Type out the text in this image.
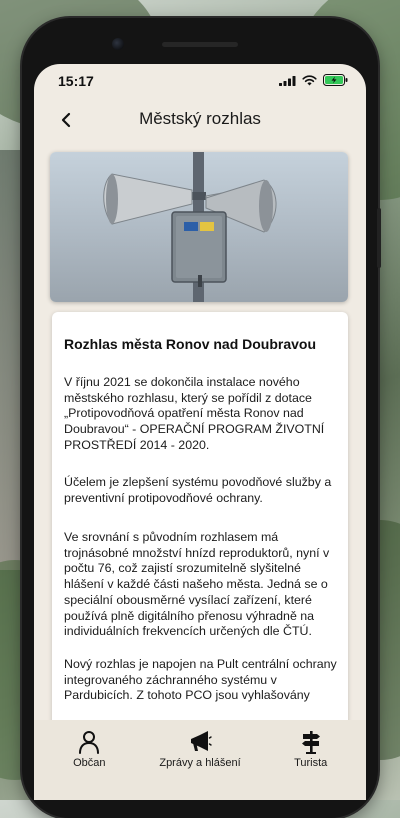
15:17
Městský rozhlas
Rozhlas města Ronov nad Doubravou

V říjnu 2021 se dokončila instalace nového městského rozhlasu, který se pořídil z dotace „Protipovodňová opatření města Ronov nad Doubravou“ - OPERAČNÍ PROGRAM ŽIVOTNÍ PROSTŘEDÍ 2014 - 2020.

Účelem je zlepšení systému povodňové služby a preventivní protipovodňové ochrany.

Ve srovnání s původním rozhlasem má trojnásobné množství hnízd reproduktorů, nyní v počtu 76, což zajistí srozumitelně slyšitelné hlášení v každé části našeho města. Jedná se o speciální obousměrné vysílací zařízení, které používá plně digitálního přenosu výhradně na individuálních frekvencích určených dle ČTÚ.

Nový rozhlas je napojen na Pult centrální ochrany integrovaného záchranného systému v Pardubicích. Z tohoto PCO jsou vyhlašovány

Občan	Zprávy a hlášení	Turista
